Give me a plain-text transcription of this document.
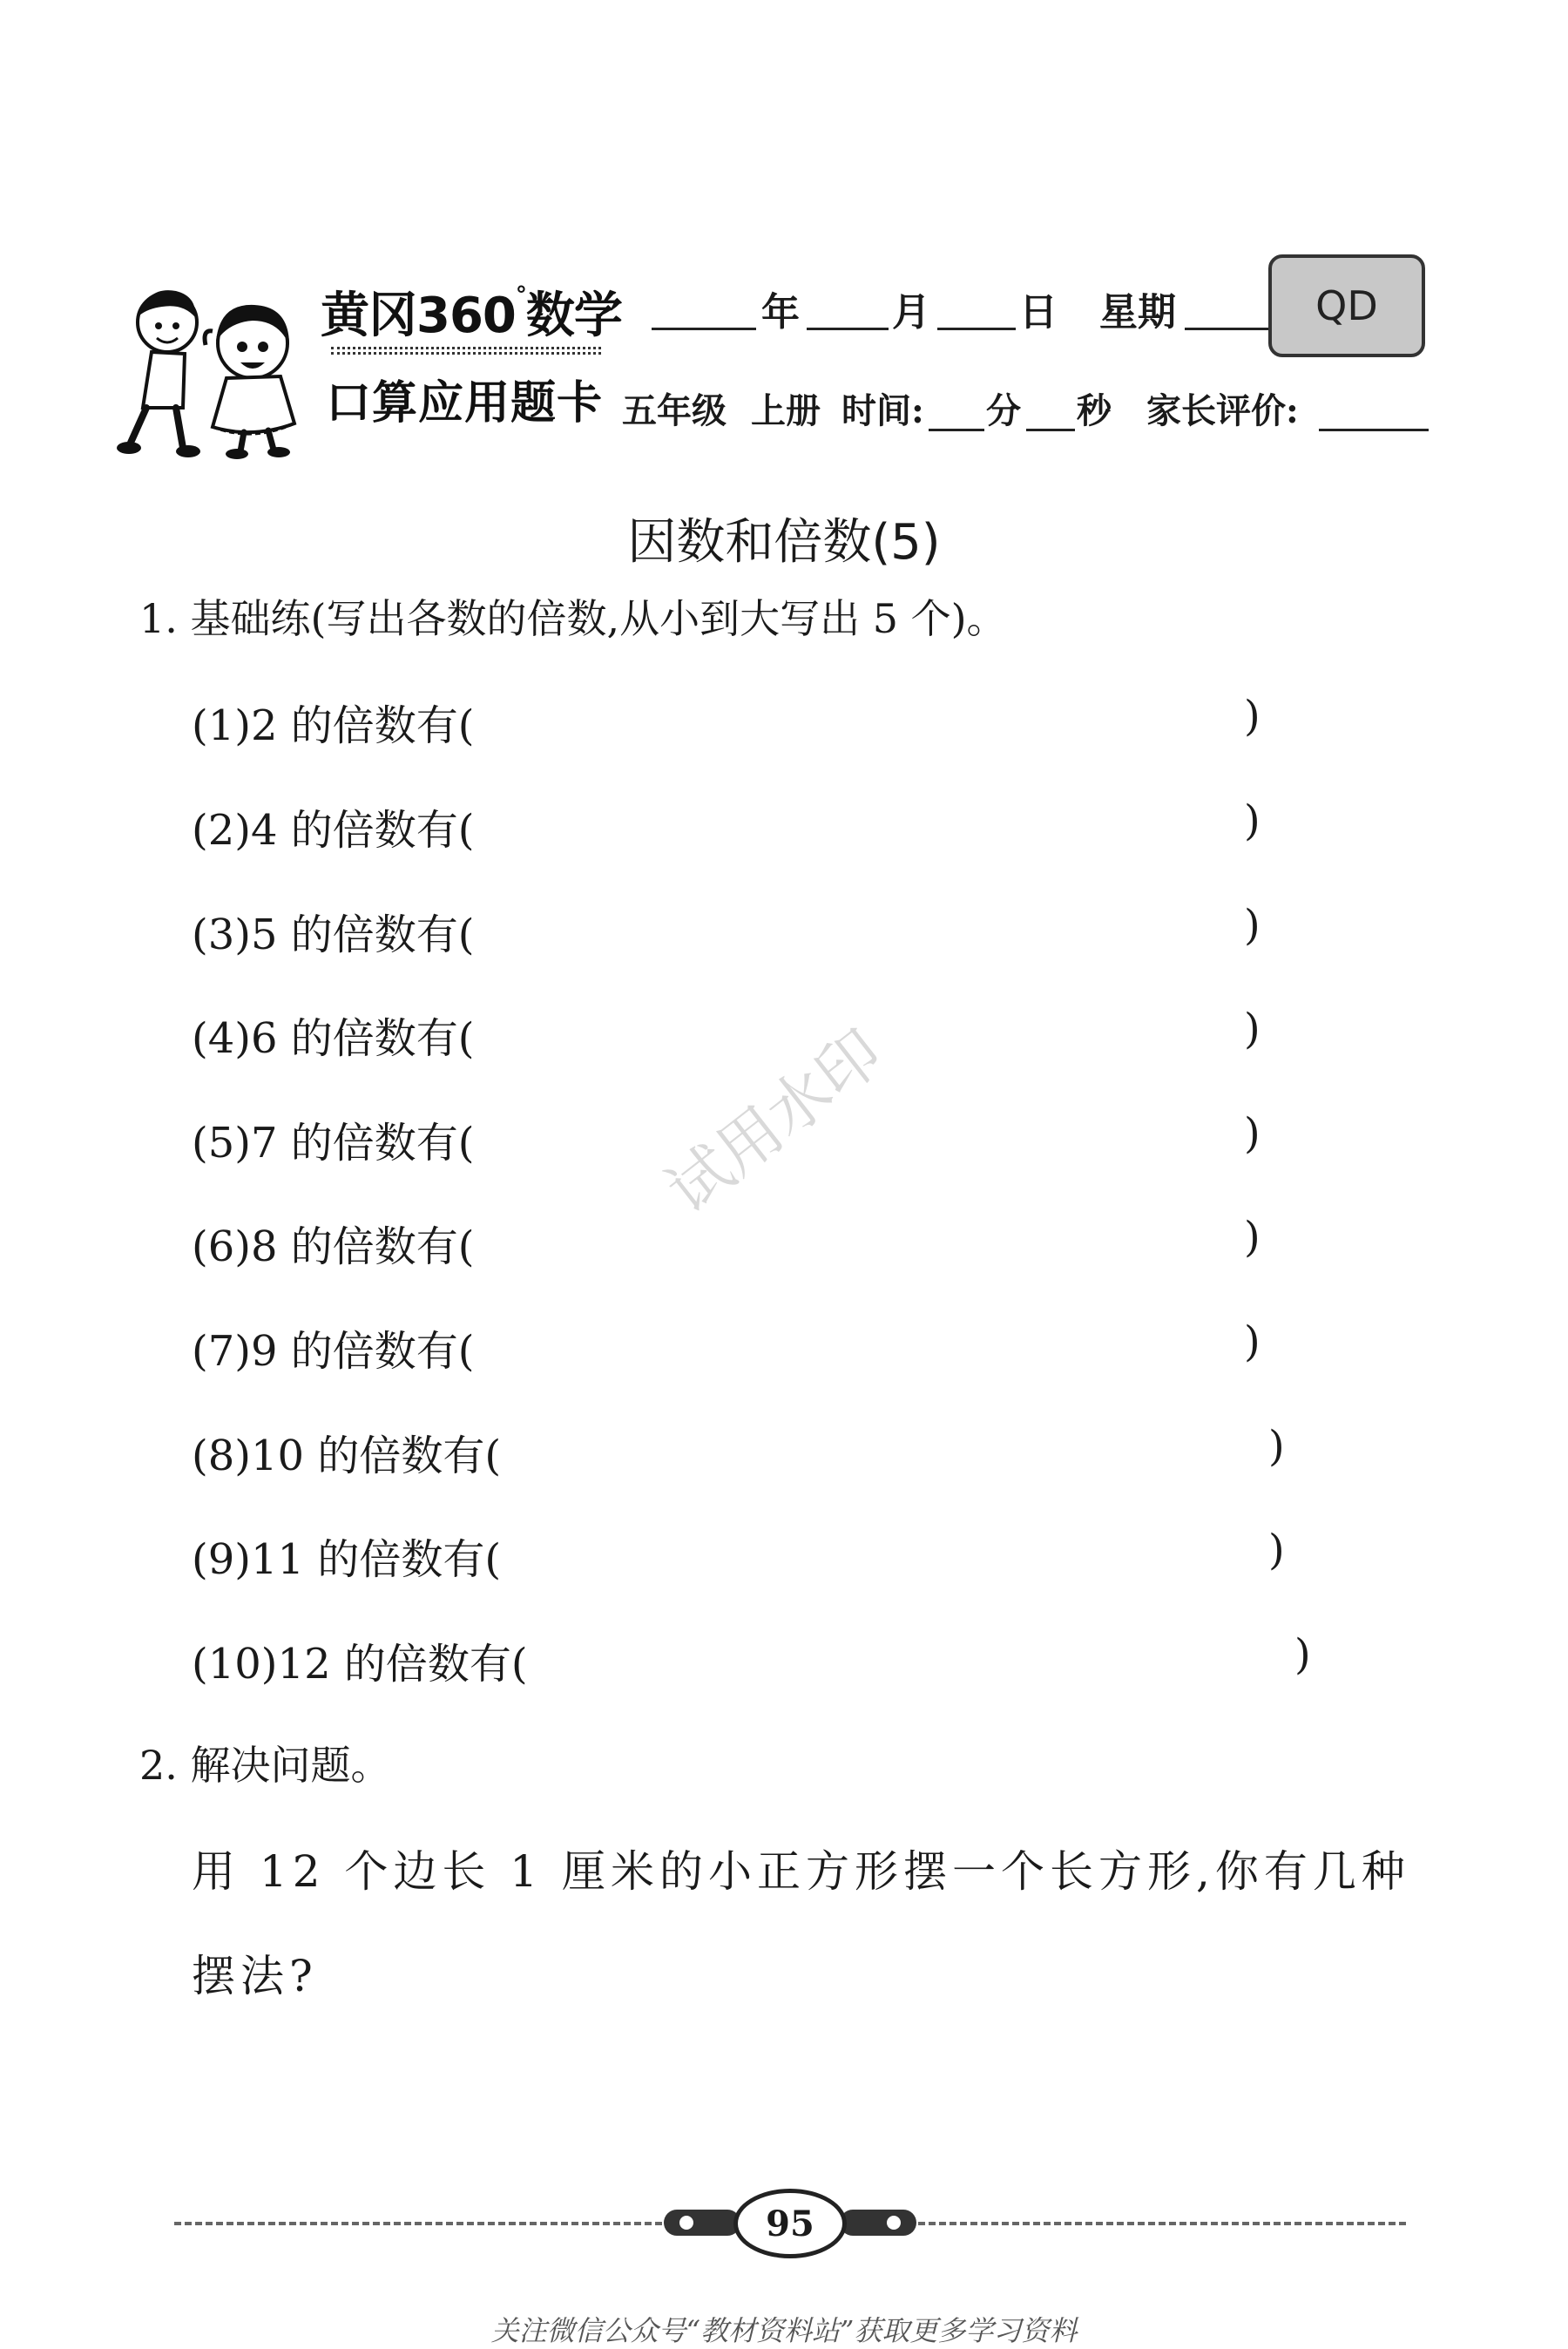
黄冈360°数学
口算应用题卡
年 月 日 星期	QD
五年级 上册 时间: 分 秒 家长评价:
因数和倍数(5)
1. 基础练(写出各数的倍数,从小到大写出 5 个)。
(1)2 的倍数有(	)
(2)4 的倍数有(	)
(3)5 的倍数有(	)
(4)6 的倍数有(	)
(5)7 的倍数有(	)
(6)8 的倍数有(	)
(7)9 的倍数有(	)
(8)10 的倍数有(	)
(9)11 的倍数有(	)
(10)12 的倍数有(	)
2. 解决问题。
用 12 个边长 1 厘米的小正方形摆一个长方形,你有几种
摆法?
试用水印
95
关注微信公众号“教材资料站”获取更多学习资料
